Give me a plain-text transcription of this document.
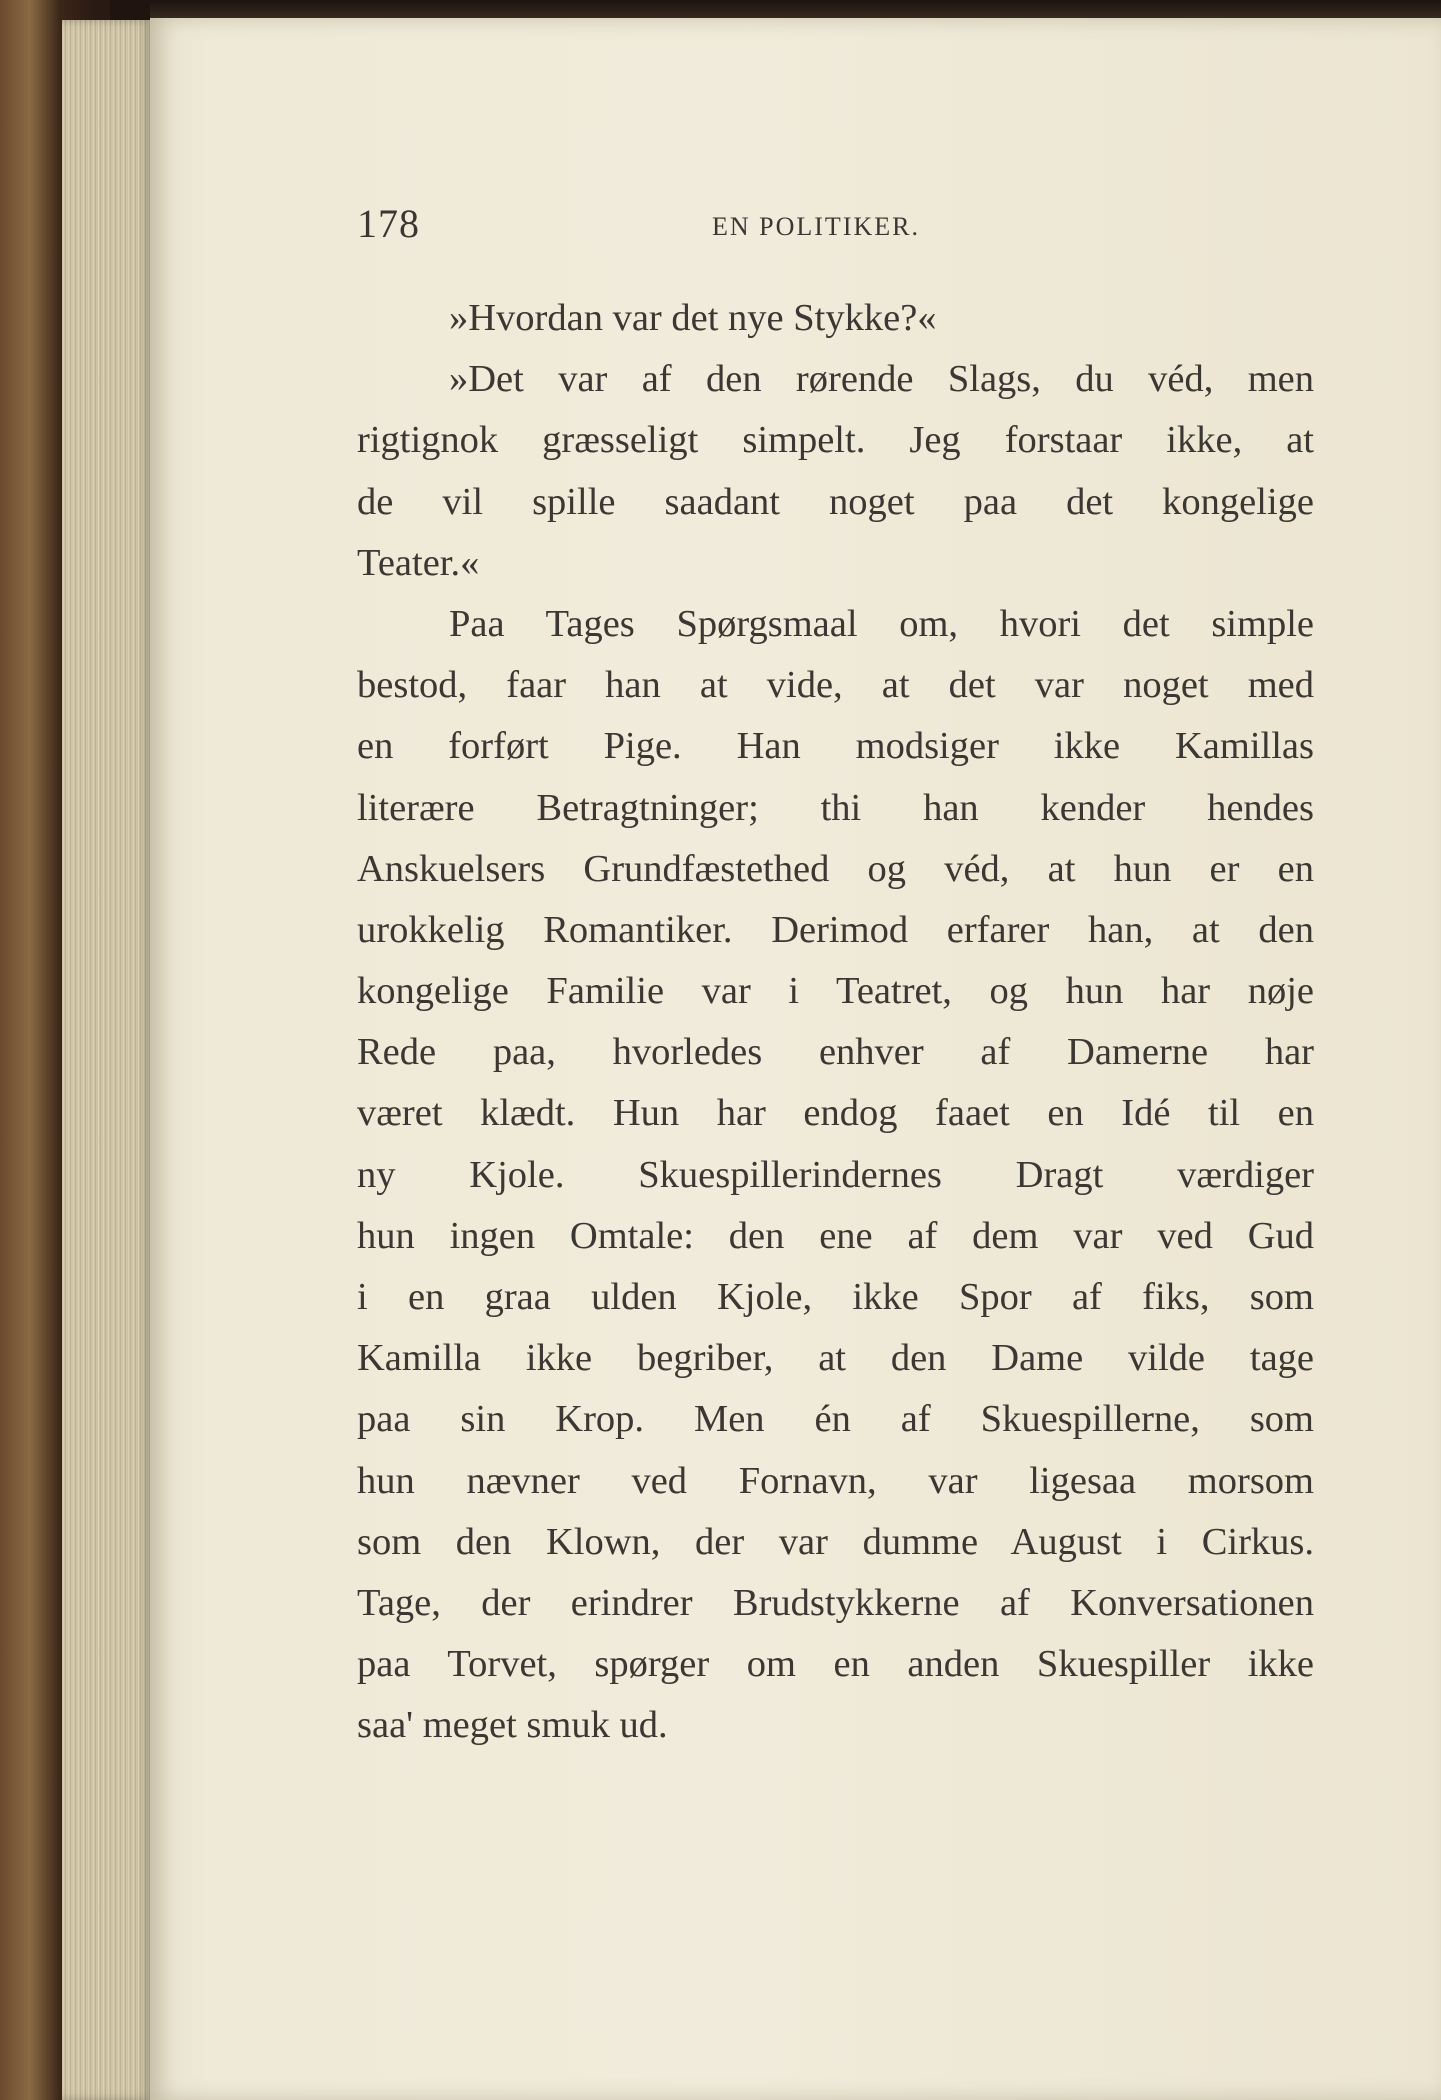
178	EN POLITIKER.
»Hvordan var det nye Stykke?«
»Det var af den rørende Slags, du véd, men
rigtignok græsseligt simpelt. Jeg forstaar ikke, at
de vil spille saadant noget paa det kongelige
Teater.«
Paa Tages Spørgsmaal om, hvori det simple
bestod, faar han at vide, at det var noget med
en forført Pige. Han modsiger ikke Kamillas
literære Betragtninger; thi han kender hendes
Anskuelsers Grundfæstethed og véd, at hun er en
urokkelig Romantiker. Derimod erfarer han, at den
kongelige Familie var i Teatret, og hun har nøje
Rede paa, hvorledes enhver af Damerne har
været klædt. Hun har endog faaet en Idé til en
ny Kjole. Skuespillerindernes Dragt værdiger
hun ingen Omtale: den ene af dem var ved Gud
i en graa ulden Kjole, ikke Spor af fiks, som
Kamilla ikke begriber, at den Dame vilde tage
paa sin Krop. Men én af Skuespillerne, som
hun nævner ved Fornavn, var ligesaa morsom
som den Klown, der var dumme August i Cirkus.
Tage, der erindrer Brudstykkerne af Konversationen
paa Torvet, spørger om en anden Skuespiller ikke
saa' meget smuk ud.
